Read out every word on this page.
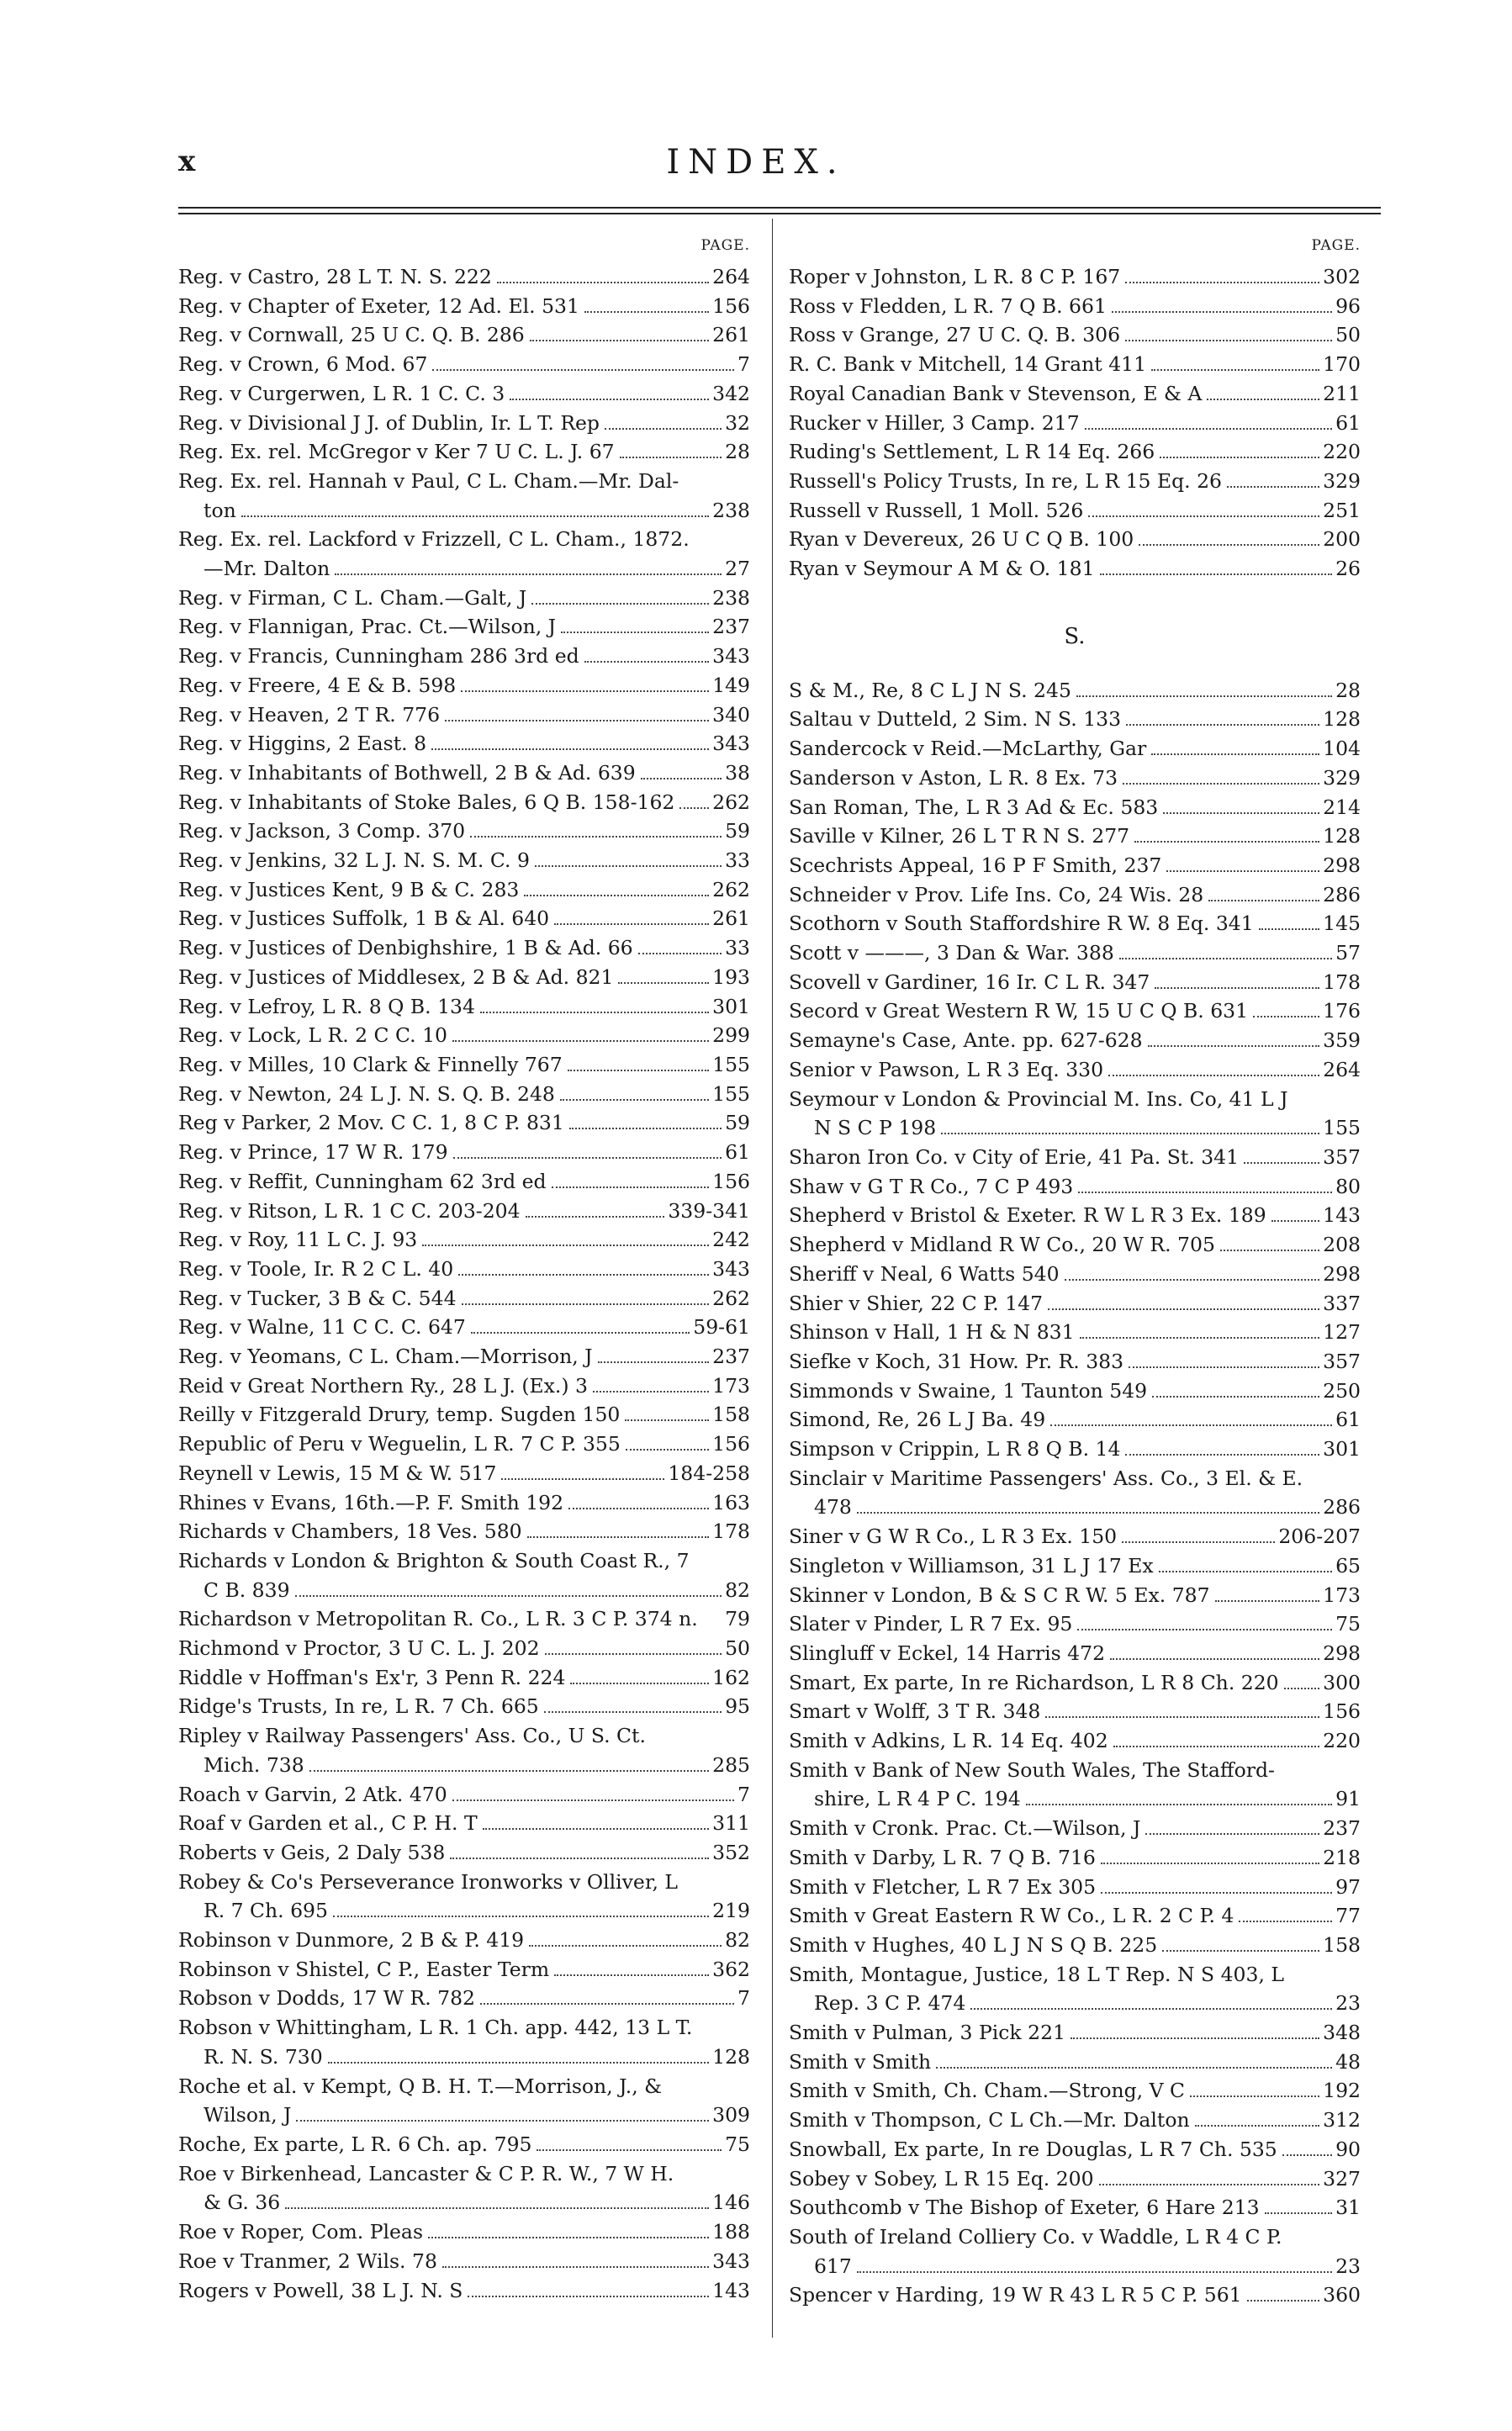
x	INDEX.
PAGE.
Reg. v Castro, 28 L T. N. S. 222	264
Reg. v Chapter of Exeter, 12 Ad. El. 531	156
Reg. v Cornwall, 25 U C. Q. B. 286	261
Reg. v Crown, 6 Mod. 67	7
Reg. v Curgerwen, L R. 1 C. C. 3	342
Reg. v Divisional J J. of Dublin, Ir. L T. Rep	32
Reg. Ex. rel. McGregor v Ker 7 U C. L. J. 67	28
Reg. Ex. rel. Hannah v Paul, C L. Cham.—Mr. Dal-
ton	238
Reg. Ex. rel. Lackford v Frizzell, C L. Cham., 1872.
—Mr. Dalton	27
Reg. v Firman, C L. Cham.—Galt, J	238
Reg. v Flannigan, Prac. Ct.—Wilson, J	237
Reg. v Francis, Cunningham 286 3rd ed	343
Reg. v Freere, 4 E & B. 598	149
Reg. v Heaven, 2 T R. 776	340
Reg. v Higgins, 2 East. 8	343
Reg. v Inhabitants of Bothwell, 2 B & Ad. 639	38
Reg. v Inhabitants of Stoke Bales, 6 Q B. 158-162 262
Reg. v Jackson, 3 Comp. 370	59
Reg. v Jenkins, 32 L J. N. S. M. C. 9	33
Reg. v Justices Kent, 9 B & C. 283	262
Reg. v Justices Suffolk, 1 B & Al. 640	261
Reg. v Justices of Denbighshire, 1 B & Ad. 66	33
Reg. v Justices of Middlesex, 2 B & Ad. 821	193
Reg. v Lefroy, L R. 8 Q B. 134	301
Reg. v Lock, L R. 2 C C. 10	299
Reg. v Milles, 10 Clark & Finnelly 767	155
Reg. v Newton, 24 L J. N. S. Q. B. 248	155
Reg v Parker, 2 Mov. C C. 1, 8 C P. 831	59
Reg. v Prince, 17 W R. 179	61
Reg. v Reffit, Cunningham 62 3rd ed	156
Reg. v Ritson, L R. 1 C C. 203-204	339-341
Reg. v Roy, 11 L C. J. 93	242
Reg. v Toole, Ir. R 2 C L. 40	343
Reg. v Tucker, 3 B & C. 544	262
Reg. v Walne, 11 C C. C. 647	59-61
Reg. v Yeomans, C L. Cham.—Morrison, J	237
Reid v Great Northern Ry., 28 L J. (Ex.) 3	173
Reilly v Fitzgerald Drury, temp. Sugden 150	158
Republic of Peru v Weguelin, L R. 7 C P. 355	156
Reynell v Lewis, 15 M & W. 517	184-258
Rhines v Evans, 16th.—P. F. Smith 192	163
Richards v Chambers, 18 Ves. 580	178
Richards v London & Brighton & South Coast R., 7
C B. 839	82
Richardson v Metropolitan R. Co., L R. 3 C P. 374 n. 79
Richmond v Proctor, 3 U C. L. J. 202	50
Riddle v Hoffman's Ex'r, 3 Penn R. 224	162
Ridge's Trusts, In re, L R. 7 Ch. 665	95
Ripley v Railway Passengers' Ass. Co., U S. Ct.
Mich. 738	285
Roach v Garvin, 2 Atk. 470	7
Roaf v Garden et al., C P. H. T	311
Roberts v Geis, 2 Daly 538	352
Robey & Co's Perseverance Ironworks v Olliver, L
R. 7 Ch. 695	219
Robinson v Dunmore, 2 B & P. 419	82
Robinson v Shistel, C P., Easter Term	362
Robson v Dodds, 17 W R. 782	7
Robson v Whittingham, L R. 1 Ch. app. 442, 13 L T.
R. N. S. 730	128
Roche et al. v Kempt, Q B. H. T.—Morrison, J., &
Wilson, J	309
Roche, Ex parte, L R. 6 Ch. ap. 795	75
Roe v Birkenhead, Lancaster & C P. R. W., 7 W H.
& G. 36	146
Roe v Roper, Com. Pleas	188
Roe v Tranmer, 2 Wils. 78	343
Rogers v Powell, 38 L J. N. S	143
PAGE.
Roper v Johnston, L R. 8 C P. 167	302
Ross v Fledden, L R. 7 Q B. 661	96
Ross v Grange, 27 U C. Q. B. 306	50
R. C. Bank v Mitchell, 14 Grant 411	170
Royal Canadian Bank v Stevenson, E & A	211
Rucker v Hiller, 3 Camp. 217	61
Ruding's Settlement, L R 14 Eq. 266	220
Russell's Policy Trusts, In re, L R 15 Eq. 26	329
Russell v Russell, 1 Moll. 526	251
Ryan v Devereux, 26 U C Q B. 100	200
Ryan v Seymour A M & O. 181	26
S.
S & M., Re, 8 C L J N S. 245	28
Saltau v Dutteld, 2 Sim. N S. 133	128
Sandercock v Reid.—McLarthy, Gar	104
Sanderson v Aston, L R. 8 Ex. 73	329
San Roman, The, L R 3 Ad & Ec. 583	214
Saville v Kilner, 26 L T R N S. 277	128
Scechrists Appeal, 16 P F Smith, 237	298
Schneider v Prov. Life Ins. Co, 24 Wis. 28	286
Scothorn v South Staffordshire R W. 8 Eq. 341	145
Scott v ———, 3 Dan & War. 388	57
Scovell v Gardiner, 16 Ir. C L R. 347	178
Secord v Great Western R W, 15 U C Q B. 631	176
Semayne's Case, Ante. pp. 627-628	359
Senior v Pawson, L R 3 Eq. 330	264
Seymour v London & Provincial M. Ins. Co, 41 L J
N S C P 198	155
Sharon Iron Co. v City of Erie, 41 Pa. St. 341	357
Shaw v G T R Co., 7 C P 493	80
Shepherd v Bristol & Exeter. R W L R 3 Ex. 189	143
Shepherd v Midland R W Co., 20 W R. 705	208
Sheriff v Neal, 6 Watts 540	298
Shier v Shier, 22 C P. 147	337
Shinson v Hall, 1 H & N 831	127
Siefke v Koch, 31 How. Pr. R. 383	357
Simmonds v Swaine, 1 Taunton 549	250
Simond, Re, 26 L J Ba. 49	61
Simpson v Crippin, L R 8 Q B. 14	301
Sinclair v Maritime Passengers' Ass. Co., 3 El. & E.
478	286
Siner v G W R Co., L R 3 Ex. 150	206-207
Singleton v Williamson, 31 L J 17 Ex	65
Skinner v London, B & S C R W. 5 Ex. 787	173
Slater v Pinder, L R 7 Ex. 95	75
Slingluff v Eckel, 14 Harris 472	298
Smart, Ex parte, In re Richardson, L R 8 Ch. 220 300
Smart v Wolff, 3 T R. 348	156
Smith v Adkins, L R. 14 Eq. 402	220
Smith v Bank of New South Wales, The Stafford-
shire, L R 4 P C. 194	91
Smith v Cronk. Prac. Ct.—Wilson, J	237
Smith v Darby, L R. 7 Q B. 716	218
Smith v Fletcher, L R 7 Ex 305	97
Smith v Great Eastern R W Co., L R. 2 C P. 4	77
Smith v Hughes, 40 L J N S Q B. 225	158
Smith, Montague, Justice, 18 L T Rep. N S 403, L
Rep. 3 C P. 474	23
Smith v Pulman, 3 Pick 221	348
Smith v Smith	48
Smith v Smith, Ch. Cham.—Strong, V C	192
Smith v Thompson, C L Ch.—Mr. Dalton	312
Snowball, Ex parte, In re Douglas, L R 7 Ch. 535	90
Sobey v Sobey, L R 15 Eq. 200	327
Southcomb v The Bishop of Exeter, 6 Hare 213	31
South of Ireland Colliery Co. v Waddle, L R 4 C P.
617	23
Spencer v Harding, 19 W R 43 L R 5 C P. 561	360
